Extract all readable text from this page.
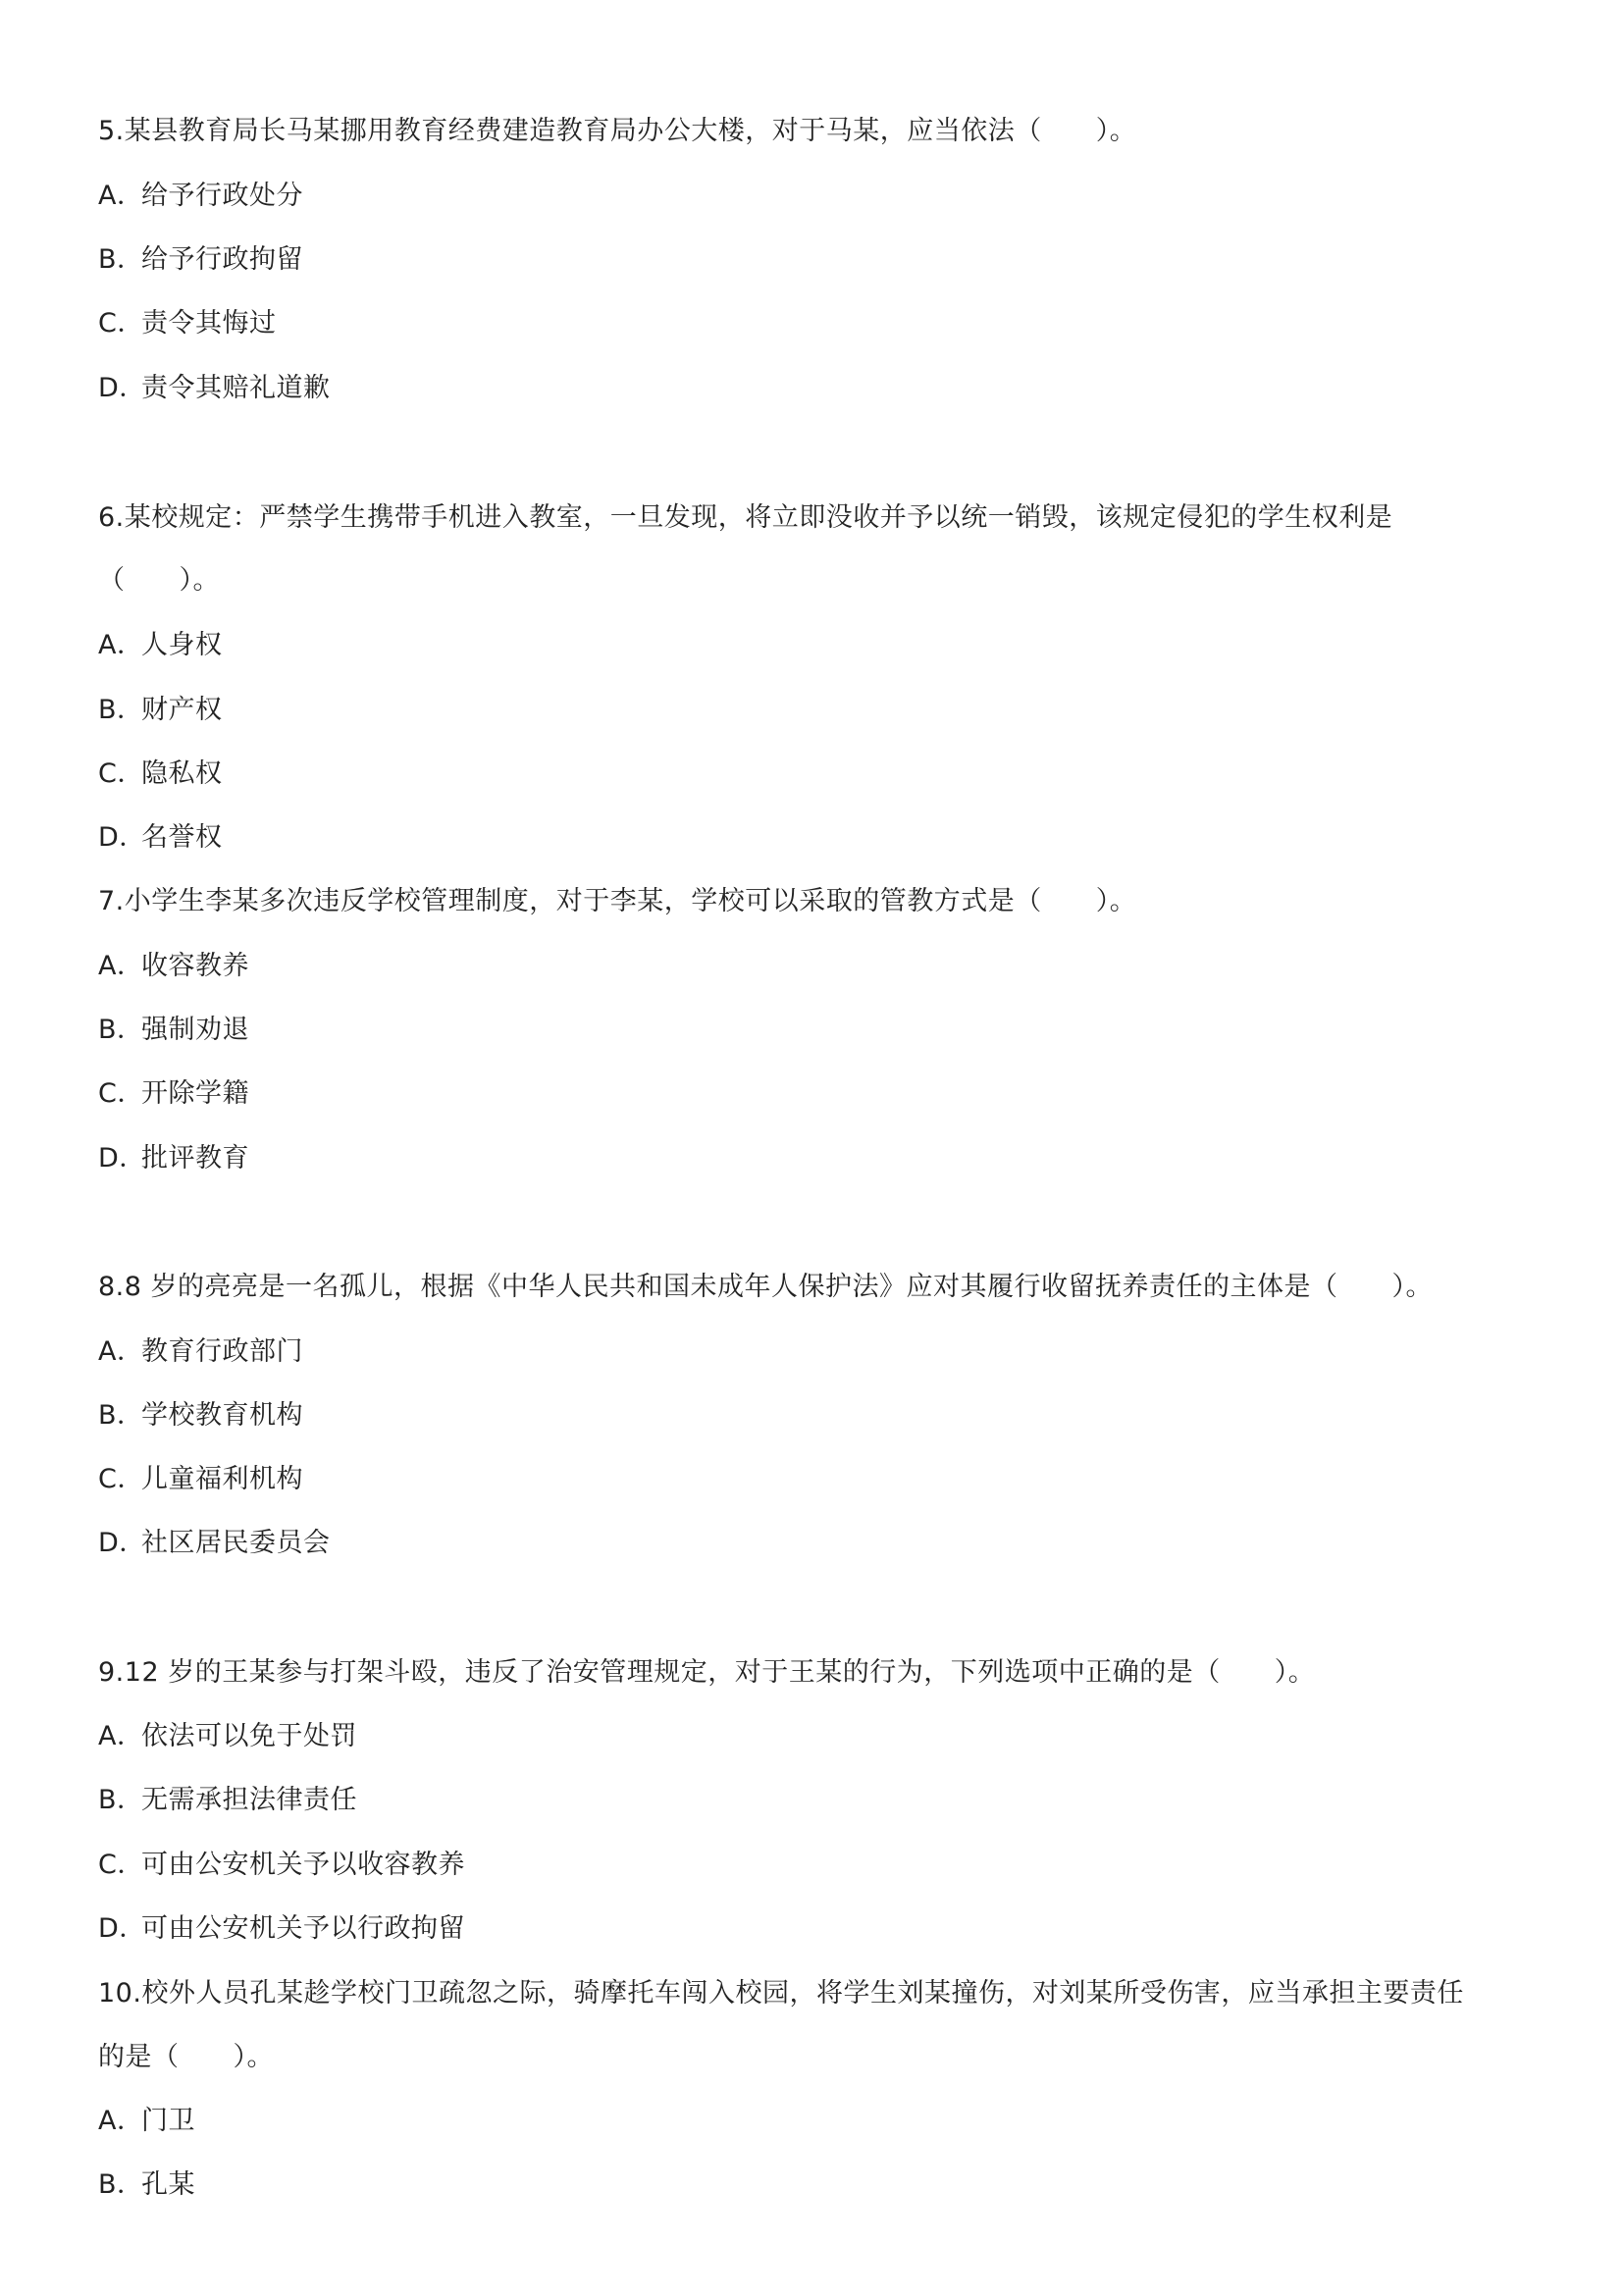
5.某县教育局长马某挪用教育经费建造教育局办公大楼，对于马某，应当依法（　　）。
A．给予行政处分
B．给予行政拘留
C．责令其悔过
D．责令其赔礼道歉
6.某校规定：严禁学生携带手机进入教室，一旦发现，将立即没收并予以统一销毁，该规定侵犯的学生权利是
（　　）。
A．人身权
B．财产权
C．隐私权
D．名誉权
7.小学生李某多次违反学校管理制度，对于李某，学校可以采取的管教方式是（　　）。
A．收容教养
B．强制劝退
C．开除学籍
D．批评教育
8.8 岁的亮亮是一名孤儿，根据《中华人民共和国未成年人保护法》应对其履行收留抚养责任的主体是（　　）。
A．教育行政部门
B．学校教育机构
C．儿童福利机构
D．社区居民委员会
9.12 岁的王某参与打架斗殴，违反了治安管理规定，对于王某的行为，下列选项中正确的是（　　）。
A．依法可以免于处罚
B．无需承担法律责任
C．可由公安机关予以收容教养
D．可由公安机关予以行政拘留
10.校外人员孔某趁学校门卫疏忽之际，骑摩托车闯入校园，将学生刘某撞伤，对刘某所受伤害，应当承担主要责任
的是（　　）。
A．门卫
B．孔某
